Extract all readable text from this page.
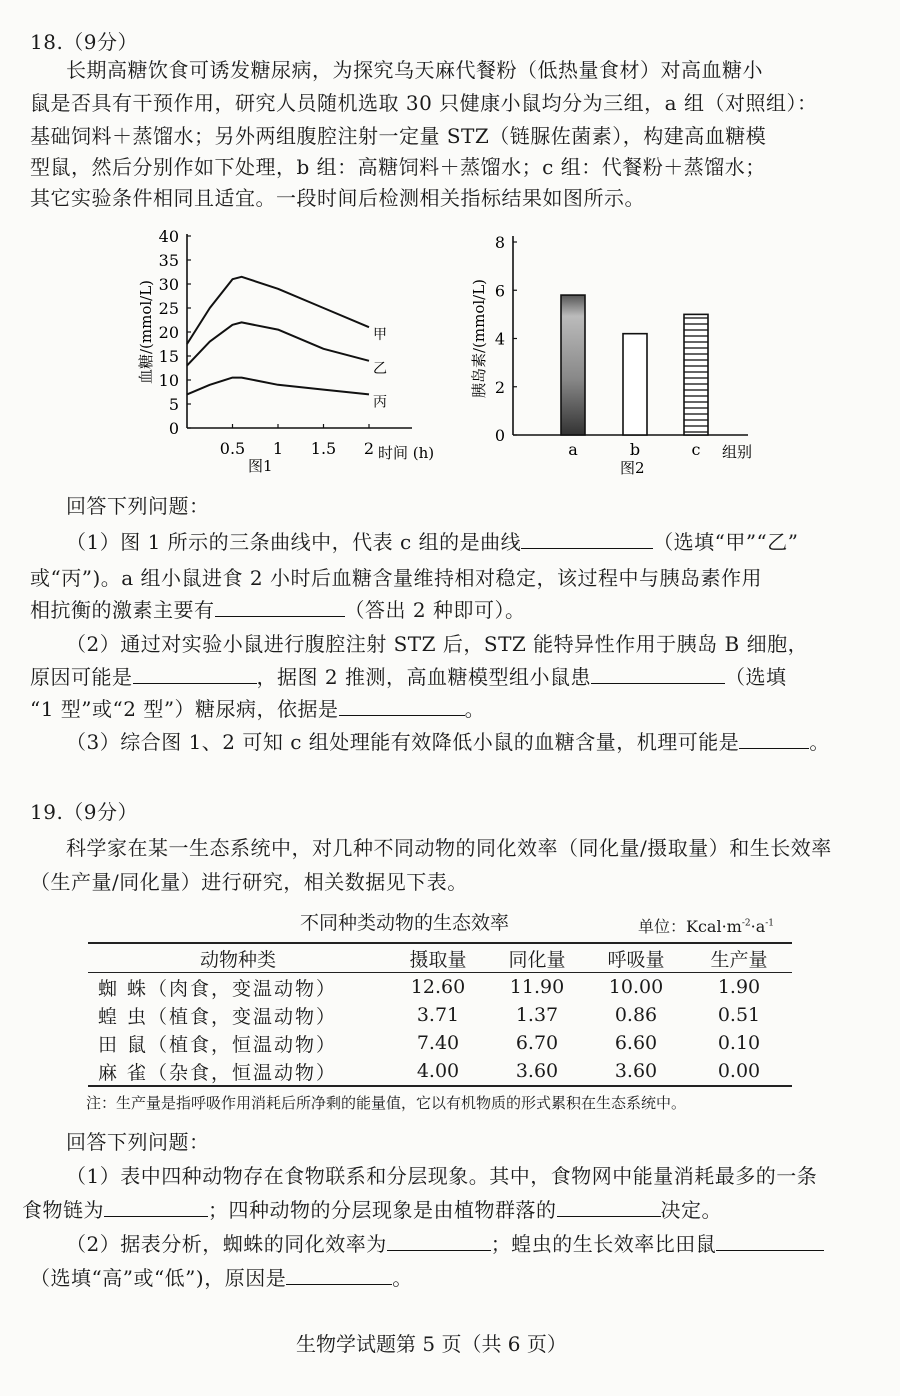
18.（9分）
长期高糖饮食可诱发糖尿病，为探究乌天麻代餐粉（低热量食材）对高血糖小
鼠是否具有干预作用，研究人员随机选取 30 只健康小鼠均分为三组，a 组（对照组）：
基础饲料＋蒸馏水；另外两组腹腔注射一定量 STZ（链脲佐菌素），构建高血糖模
型鼠，然后分别作如下处理，b 组：高糖饲料＋蒸馏水；c 组：代餐粉＋蒸馏水；
其它实验条件相同且适宜。一段时间后检测相关指标结果如图所示。
0
5
10
15
20
25
30
35
40
0.5 1 1.5 2
甲
乙
丙
血糖/(mmol/L)
时间 (h)
图1
0
2
4
6
8
a	b	c
胰岛素/(mmol/L)
组别
图2
回答下列问题：
（1）图 1 所示的三条曲线中，代表 c 组的是曲线	（选填“甲”“乙”
或“丙”)。a 组小鼠进食 2 小时后血糖含量维持相对稳定，该过程中与胰岛素作用
相抗衡的激素主要有	（答出 2 种即可）。
（2）通过对实验小鼠进行腹腔注射 STZ 后，STZ 能特异性作用于胰岛 B 细胞，
原因可能是	，据图 2 推测，高血糖模型组小鼠患	（选填
“1 型”或“2 型”）糖尿病，依据是	。
（3）综合图 1、2 可知 c 组处理能有效降低小鼠的血糖含量，机理可能是	。
19.（9分）
科学家在某一生态系统中，对几种不同动物的同化效率（同化量/摄取量）和生长效率
（生产量/同化量）进行研究，相关数据见下表。
不同种类动物的生态效率	单位：$Kcal\cdot m^{-2}\cdot a^{-1}$
动物种类	摄取量	同化量	呼吸量	生产量
蜘 蛛（肉食，变温动物）	12.60	11.90	10.00	1.90
蝗 虫（植食，变温动物）	3.71	1.37	0.86	0.51
田 鼠（植食，恒温动物）	7.40	6.70	6.60	0.10
麻 雀（杂食，恒温动物）	4.00	3.60	3.60	0.00
注：生产量是指呼吸作用消耗后所净剩的能量值，它以有机物质的形式累积在生态系统中。
回答下列问题：
（1）表中四种动物存在食物联系和分层现象。其中，食物网中能量消耗最多的一条
食物链为	；四种动物的分层现象是由植物群落的	决定。
（2）据表分析，蜘蛛的同化效率为	；蝗虫的生长效率比田鼠
（选填“高”或“低”)，原因是	。
生物学试题第 5 页（共 6 页）
